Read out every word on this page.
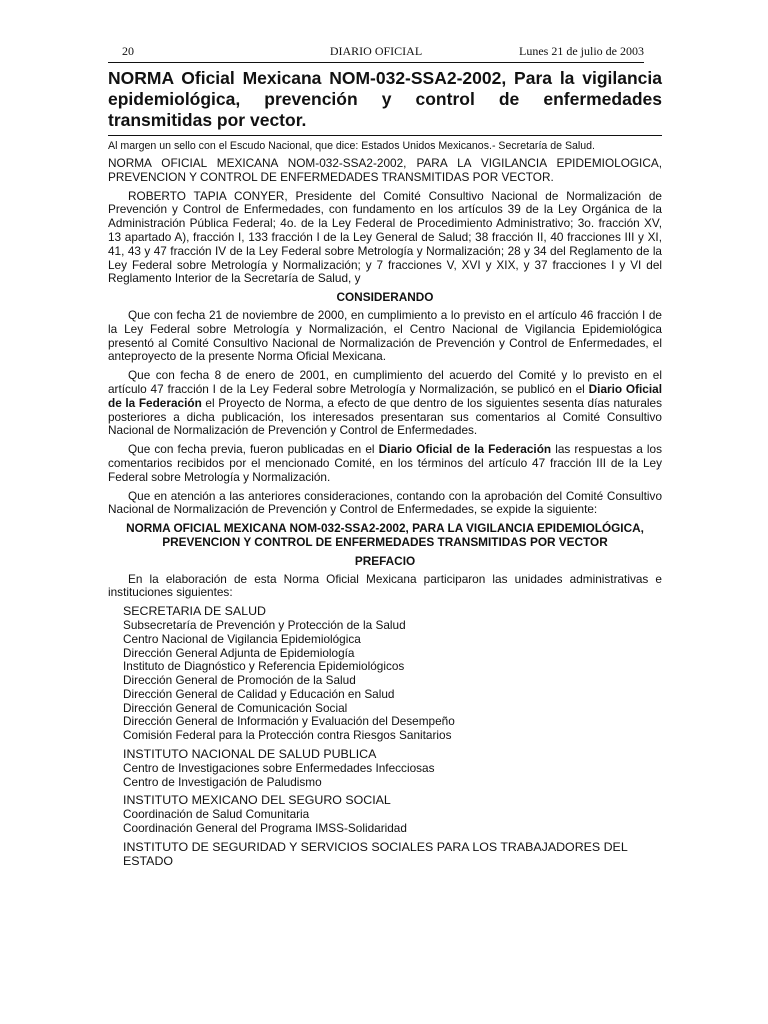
20	DIARIO OFICIAL	Lunes 21 de julio de 2003
NORMA Oficial Mexicana NOM-032-SSA2-2002, Para la vigilancia epidemiológica, prevención y control de enfermedades transmitidas por vector.
Al margen un sello con el Escudo Nacional, que dice: Estados Unidos Mexicanos.- Secretaría de Salud.

NORMA OFICIAL MEXICANA NOM-032-SSA2-2002, PARA LA VIGILANCIA EPIDEMIOLOGICA, PREVENCION Y CONTROL DE ENFERMEDADES TRANSMITIDAS POR VECTOR.

ROBERTO TAPIA CONYER, Presidente del Comité Consultivo Nacional de Normalización de Prevención y Control de Enfermedades, con fundamento en los artículos 39 de la Ley Orgánica de la Administración Pública Federal; 4o. de la Ley Federal de Procedimiento Administrativo; 3o. fracción XV, 13 apartado A), fracción I, 133 fracción I de la Ley General de Salud; 38 fracción II, 40 fracciones III y XI, 41, 43 y 47 fracción IV de la Ley Federal sobre Metrología y Normalización; 28 y 34 del Reglamento de la Ley Federal sobre Metrología y Normalización; y 7 fracciones V, XVI y XIX, y 37 fracciones I y VI del Reglamento Interior de la Secretaría de Salud, y

CONSIDERANDO

Que con fecha 21 de noviembre de 2000, en cumplimiento a lo previsto en el artículo 46 fracción I de la Ley Federal sobre Metrología y Normalización, el Centro Nacional de Vigilancia Epidemiológica presentó al Comité Consultivo Nacional de Normalización de Prevención y Control de Enfermedades, el anteproyecto de la presente Norma Oficial Mexicana.

Que con fecha 8 de enero de 2001, en cumplimiento del acuerdo del Comité y lo previsto en el artículo 47 fracción I de la Ley Federal sobre Metrología y Normalización, se publicó en el Diario Oficial de la Federación el Proyecto de Norma, a efecto de que dentro de los siguientes sesenta días naturales posteriores a dicha publicación, los interesados presentaran sus comentarios al Comité Consultivo Nacional de Normalización de Prevención y Control de Enfermedades.

Que con fecha previa, fueron publicadas en el Diario Oficial de la Federación las respuestas a los comentarios recibidos por el mencionado Comité, en los términos del artículo 47 fracción III de la Ley Federal sobre Metrología y Normalización.

Que en atención a las anteriores consideraciones, contando con la aprobación del Comité Consultivo Nacional de Normalización de Prevención y Control de Enfermedades, se expide la siguiente:

NORMA OFICIAL MEXICANA NOM-032-SSA2-2002, PARA LA VIGILANCIA EPIDEMIOLÓGICA, PREVENCION Y CONTROL DE ENFERMEDADES TRANSMITIDAS POR VECTOR
PREFACIO

En la elaboración de esta Norma Oficial Mexicana participaron las unidades administrativas e instituciones siguientes:

SECRETARIA DE SALUD
Subsecretaría de Prevención y Protección de la Salud
Centro Nacional de Vigilancia Epidemiológica
Dirección General Adjunta de Epidemiología
Instituto de Diagnóstico y Referencia Epidemiológicos
Dirección General de Promoción de la Salud
Dirección General de Calidad y Educación en Salud
Dirección General de Comunicación Social
Dirección General de Información y Evaluación del Desempeño
Comisión Federal para la Protección contra Riesgos Sanitarios
INSTITUTO NACIONAL DE SALUD PUBLICA
Centro de Investigaciones sobre Enfermedades Infecciosas
Centro de Investigación de Paludismo
INSTITUTO MEXICANO DEL SEGURO SOCIAL
Coordinación de Salud Comunitaria
Coordinación General del Programa IMSS-Solidaridad
INSTITUTO DE SEGURIDAD Y SERVICIOS SOCIALES PARA LOS TRABAJADORES DEL ESTADO
